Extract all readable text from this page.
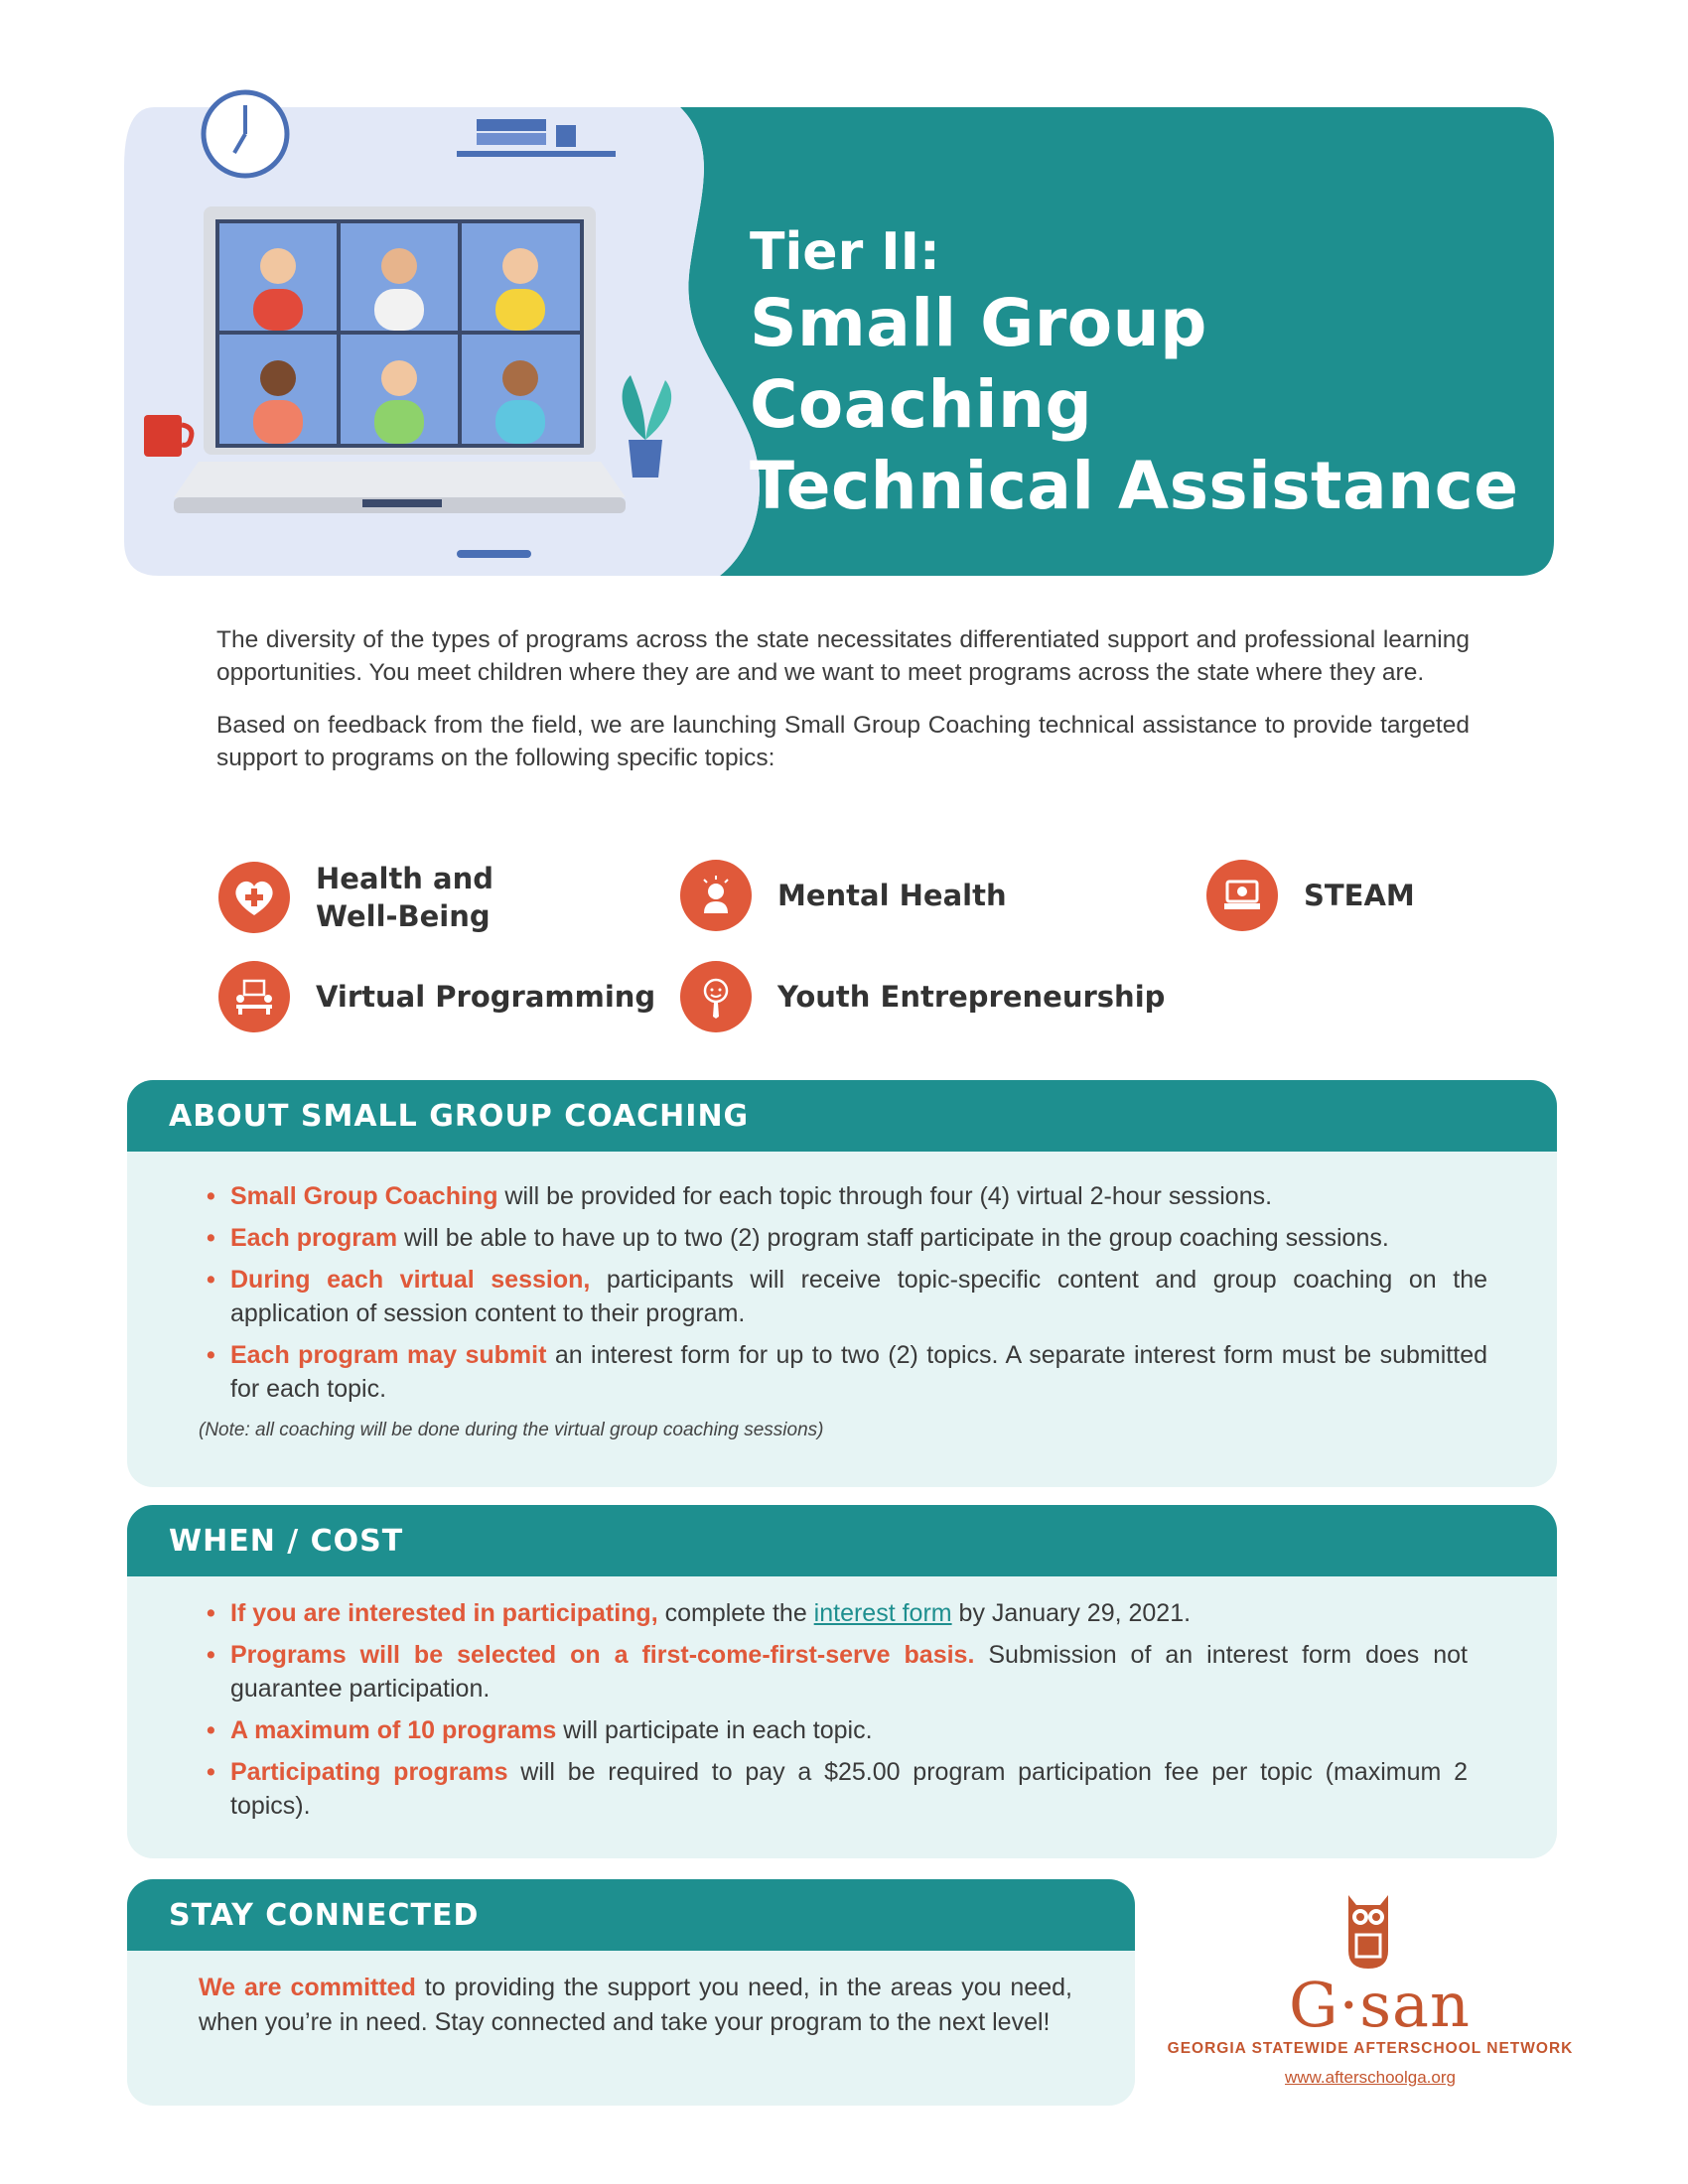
Tier II:
Small Group Coaching
Technical Assistance

The diversity of the types of programs across the state necessitates differentiated support and professional learning opportunities. You meet children where they are and we want to meet programs across the state where they are.

Based on feedback from the field, we are launching Small Group Coaching technical assistance to provide targeted support to programs on the following specific topics:

Health and
Well-Being
Mental Health	STEAM
Virtual Programming	Youth Entrepreneurship
ABOUT SMALL GROUP COACHING
• Small Group Coaching will be provided for each topic through four (4) virtual 2-hour sessions.
• Each program will be able to have up to two (2) program staff participate in the group coaching sessions.
• During each virtual session, participants will receive topic-specific content and group coaching on the application of session content to their program.
• Each program may submit an interest form for up to two (2) topics. A separate interest form must be submitted for each topic.
(Note: all coaching will be done during the virtual group coaching sessions)
WHEN / COST
• If you are interested in participating, complete the interest form by January 29, 2021.
• Programs will be selected on a first-come-first-serve basis. Submission of an interest form does not guarantee participation.
• A maximum of 10 programs will participate in each topic.
• Participating programs will be required to pay a $25.00 program participation fee per topic (maximum 2 topics).
STAY CONNECTED
We are committed to providing the support you need, in the areas you need, when you’re in need. Stay connected and take your program to the next level!	G·san
GEORGIA STATEWIDE AFTERSCHOOL NETWORK
www.afterschoolga.org
